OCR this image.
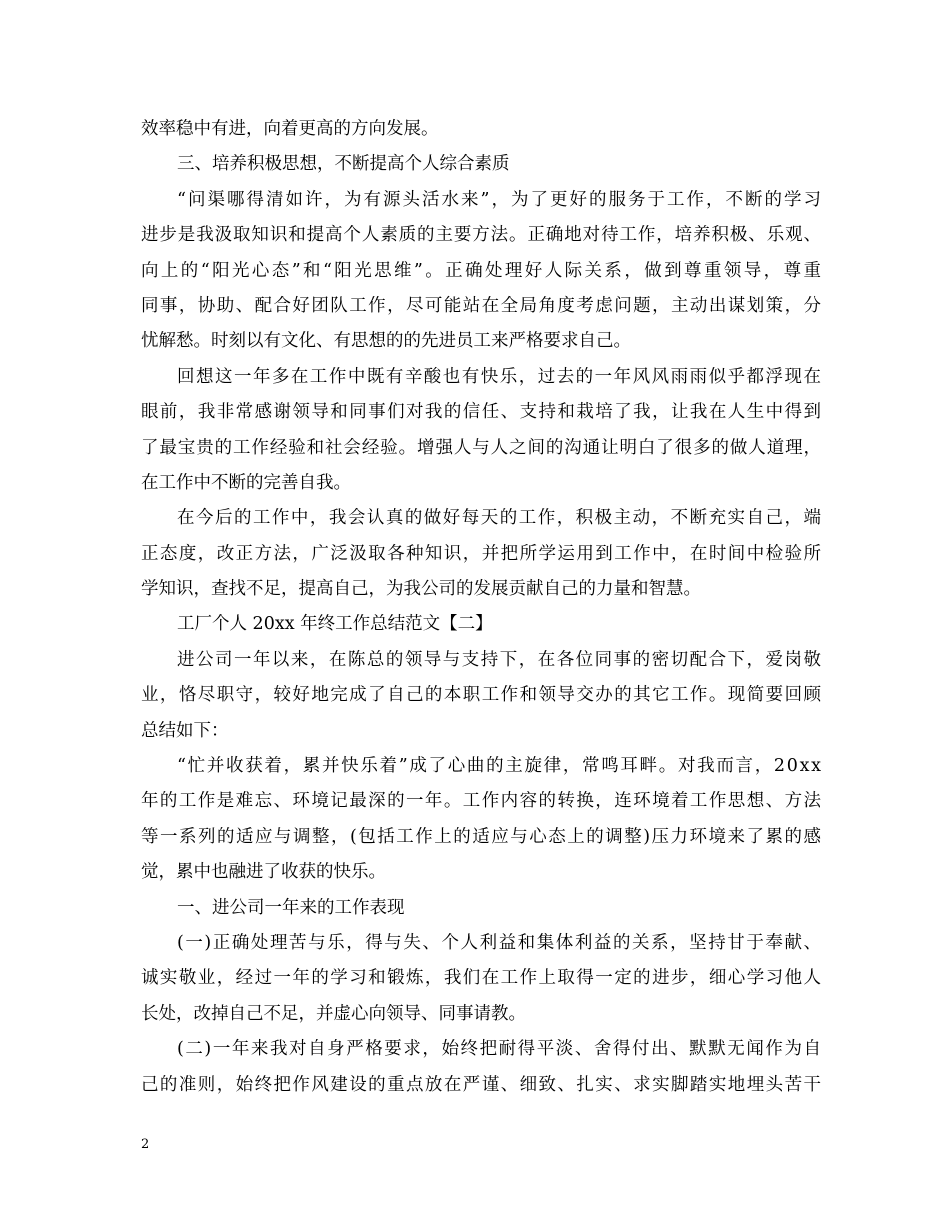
效率稳中有进，向着更高的方向发展。
三、培养积极思想，不断提高个人综合素质
“问渠哪得清如许，为有源头活水来”，为了更好的服务于工作，不断的学习
进步是我汲取知识和提高个人素质的主要方法。正确地对待工作，培养积极、乐观、
向上的“阳光心态”和“阳光思维”。正确处理好人际关系，做到尊重领导，尊重
同事，协助、配合好团队工作，尽可能站在全局角度考虑问题，主动出谋划策，分
忧解愁。时刻以有文化、有思想的的先进员工来严格要求自己。
回想这一年多在工作中既有辛酸也有快乐，过去的一年风风雨雨似乎都浮现在
眼前，我非常感谢领导和同事们对我的信任、支持和栽培了我，让我在人生中得到
了最宝贵的工作经验和社会经验。增强人与人之间的沟通让明白了很多的做人道理，
在工作中不断的完善自我。
在今后的工作中，我会认真的做好每天的工作，积极主动，不断充实自己，端
正态度，改正方法，广泛汲取各种知识，并把所学运用到工作中，在时间中检验所
学知识，查找不足，提高自己，为我公司的发展贡献自己的力量和智慧。
工厂个人 20xx 年终工作总结范文【二】
进公司一年以来，在陈总的领导与支持下，在各位同事的密切配合下，爱岗敬
业，恪尽职守，较好地完成了自己的本职工作和领导交办的其它工作。现简要回顾
总结如下：
“忙并收获着，累并快乐着”成了心曲的主旋律，常鸣耳畔。对我而言，20xx
年的工作是难忘、环境记最深的一年。工作内容的转换，连环境着工作思想、方法
等一系列的适应与调整，(包括工作上的适应与心态上的调整)压力环境来了累的感
觉，累中也融进了收获的快乐。
一、进公司一年来的工作表现
(一)正确处理苦与乐，得与失、个人利益和集体利益的关系，坚持甘于奉献、
诚实敬业，经过一年的学习和锻炼，我们在工作上取得一定的进步，细心学习他人
长处，改掉自己不足，并虚心向领导、同事请教。
(二)一年来我对自身严格要求，始终把耐得平淡、舍得付出、默默无闻作为自
己的准则，始终把作风建设的重点放在严谨、细致、扎实、求实脚踏实地埋头苦干
2
